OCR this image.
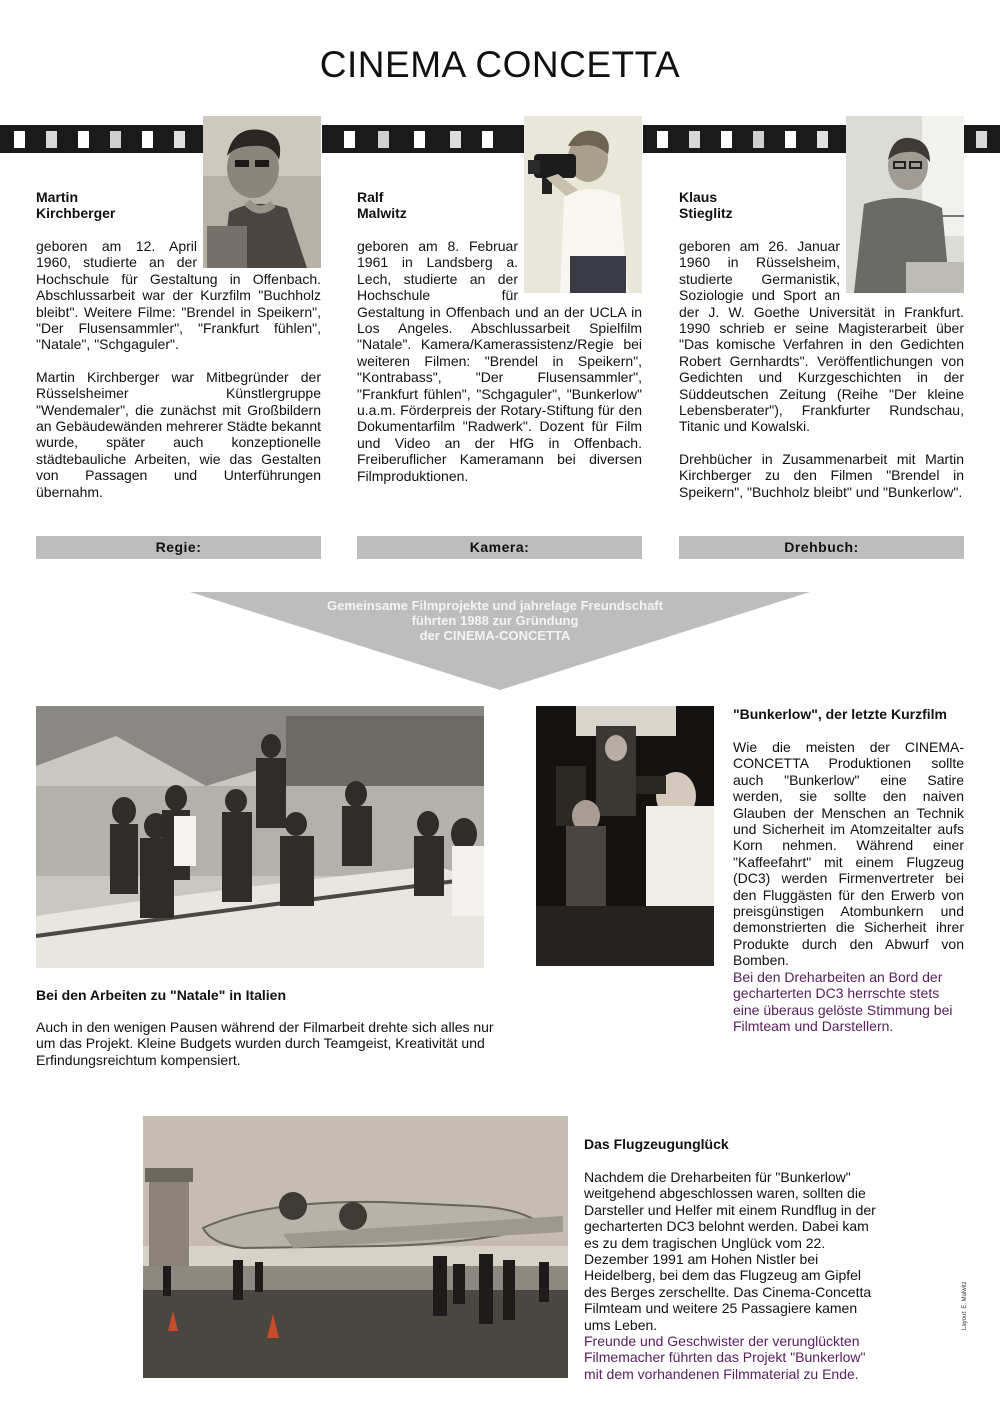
CINEMA CONCETTA
Martin
Kirchberger
Ralf
Malwitz
Klaus
Stieglitz

geboren am 12. April 1960, studierte an der Hochschule für Gestaltung in Offenbach. Abschlussarbeit war der Kurzfilm "Buchholz bleibt". Weitere Filme: "Brendel in Speikern", "Der Flusensammler", "Frankfurt fühlen", "Natale", "Schgaguler".

Martin Kirchberger war Mitbegründer der Rüsselsheimer Künstlergruppe "Wendemaler", die zunächst mit Großbildern an Gebäudewänden mehrerer Städte bekannt wurde, später auch konzeptionelle städtebauliche Arbeiten, wie das Gestalten von Passagen und Unterführungen übernahm.

geboren am 8. Februar 1961 in Landsberg a. Lech, studierte an der Hochschule für Gestaltung in Offenbach und an der UCLA in Los Angeles. Abschlussarbeit Spielfilm "Natale". Kamera/Kamerassistenz/Regie bei weiteren Filmen: "Brendel in Speikern", "Kontrabass", "Der Flusensammler", "Frankfurt fühlen", "Schgaguler", "Bunkerlow" u.a.m. Förderpreis der Rotary-Stiftung für den Dokumentarfilm "Radwerk". Dozent für Film und Video an der HfG in Offenbach. Freiberuflicher Kameramann bei diversen Filmproduktionen.

geboren am 26. Januar 1960 in Rüsselsheim, studierte Germanistik, Soziologie und Sport an der J. W. Goethe Universität in Frankfurt. 1990 schrieb er seine Magisterarbeit über "Das komische Verfahren in den Gedichten Robert Gernhardts". Veröffentlichungen von Gedichten und Kurzgeschichten in der Süddeutschen Zeitung (Reihe "Der kleine Lebensberater"), Frankfurter Rundschau, Titanic und Kowalski.

Drehbücher in Zusammenarbeit mit Martin Kirchberger zu den Filmen "Brendel in Speikern", "Buchholz bleibt" und "Bunkerlow".

Regie:	Kamera:	Drehbuch:
Gemeinsame Filmprojekte und jahrelage Freundschaft
führten 1988 zur Gründung
der CINEMA-CONCETTA
Bei den Arbeiten zu "Natale" in Italien
Auch in den wenigen Pausen während der Filmarbeit drehte sich alles nur um das Projekt. Kleine Budgets wurden durch Teamgeist, Kreativität und Erfindungsreichtum kompensiert.
"Bunkerlow", der letzte Kurzfilm
Wie die meisten der CINEMA-CONCETTA Produktionen sollte auch "Bunkerlow" eine Satire werden, sie sollte den naiven Glauben der Menschen an Technik und Sicherheit im Atomzeitalter aufs Korn nehmen. Während einer "Kaffeefahrt" mit einem Flugzeug (DC3) werden Firmenvertreter bei den Fluggästen für den Erwerb von preisgünstigen Atombunkern und demonstrierten die Sicherheit ihrer Produkte durch den Abwurf von Bomben.
Bei den Dreharbeiten an Bord der gecharterten DC3 herrschte stets eine überaus gelöste Stimmung bei Filmteam und Darstellern.
Das Flugzeugunglück
Nachdem die Dreharbeiten für "Bunkerlow" weitgehend abgeschlossen waren, sollten die Darsteller und Helfer mit einem Rundflug in der gecharterten DC3 belohnt werden. Dabei kam es zu dem tragischen Unglück vom 22. Dezember 1991 am Hohen Nistler bei Heidelberg, bei dem das Flugzeug am Gipfel des Berges zerschellte. Das Cinema-Concetta Filmteam und weitere 25 Passagiere kamen ums Leben.
Freunde und Geschwister der verunglückten Filmemacher führten das Projekt "Bunkerlow" mit dem vorhandenen Filmmaterial zu Ende.
Layout: E. Malwitz
